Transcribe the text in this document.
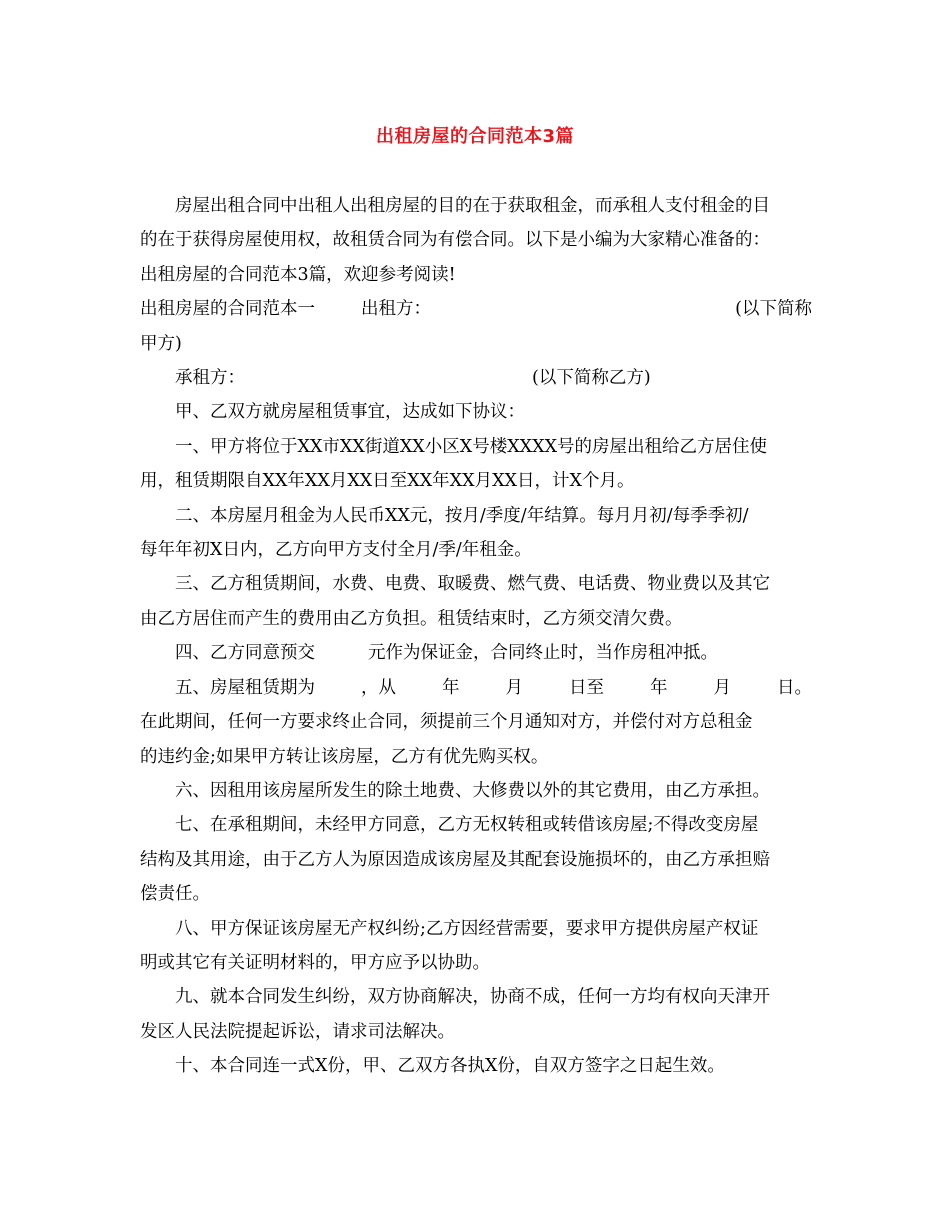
出租房屋的合同范本3篇

房屋出租合同中出租人出租房屋的目的在于获取租金，而承租人支付租金的目

的在于获得房屋使用权，故租赁合同为有偿合同。以下是小编为大家精心准备的：

出租房屋的合同范本3篇，欢迎参考阅读!

出租房屋的合同范本一	出租方：	(以下简称

甲方)

承租方：	(以下简称乙方)

甲、乙双方就房屋租赁事宜，达成如下协议：

一、甲方将位于XX市XX街道XX小区X号楼XXXX号的房屋出租给乙方居住使

用，租赁期限自XX年XX月XX日至XX年XX月XX日，计X个月。

二、本房屋月租金为人民币XX元，按月/季度/年结算。每月月初/每季季初/

每年年初X日内，乙方向甲方支付全月/季/年租金。

三、乙方租赁期间，水费、电费、取暖费、燃气费、电话费、物业费以及其它

由乙方居住而产生的费用由乙方负担。租赁结束时，乙方须交清欠费。

四、乙方同意预交	元作为保证金，合同终止时，当作房租冲抵。
五、房屋租赁期为	，从	年	月	日至	年	月	日。

在此期间，任何一方要求终止合同，须提前三个月通知对方，并偿付对方总租金

的违约金;如果甲方转让该房屋，乙方有优先购买权。

六、因租用该房屋所发生的除土地费、大修费以外的其它费用，由乙方承担。

七、在承租期间，未经甲方同意，乙方无权转租或转借该房屋;不得改变房屋

结构及其用途，由于乙方人为原因造成该房屋及其配套设施损坏的，由乙方承担赔

偿责任。

八、甲方保证该房屋无产权纠纷;乙方因经营需要，要求甲方提供房屋产权证

明或其它有关证明材料的，甲方应予以协助。

九、就本合同发生纠纷，双方协商解决，协商不成，任何一方均有权向天津开

发区人民法院提起诉讼，请求司法解决。

十、本合同连一式X份，甲、乙双方各执X份，自双方签字之日起生效。
